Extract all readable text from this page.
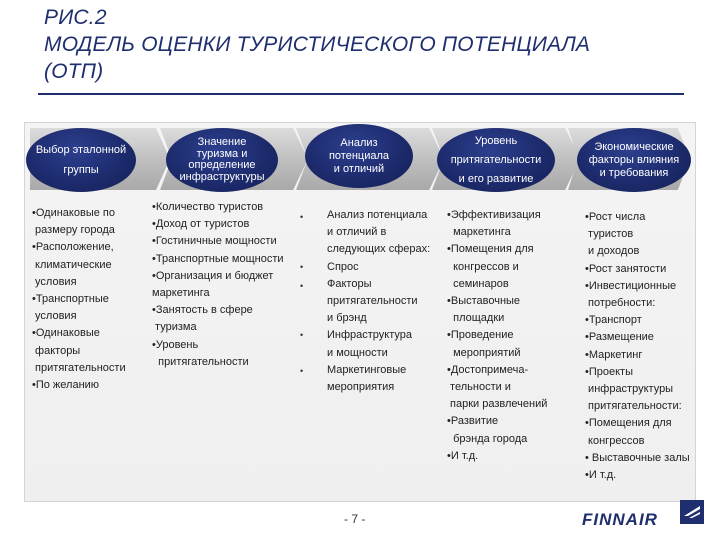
РИС.2
МОДЕЛЬ ОЦЕНКИ ТУРИСТИЧЕСКОГО ПОТЕНЦИАЛА
(ОТП)
Выбор эталонной
группы
Значение
туризма и
определение
инфраструктуры
Анализ
потенциала
и отличий
Уровень
притягательности
и его развитие
Экономические
факторы влияния
и требования
•Одинаковые по
размеру города
•Расположение,
климатические
условия
•Транспортные
условия
•Одинаковые
факторы
притягательности
•По желанию
•Количество туристов
•Доход от туристов
•Гостиничные мощности
•Транспортные мощности
•Организация и бюджет
маркетинга
•Занятость в сфере
туризма
•Уровень
притягательности
•
•
•
•
•
Анализ потенциала
и отличий в
следующих сферах:
Спрос
Факторы
притягательности
и брэнд
Инфраструктура
и мощности
Маркетинговые
мероприятия
•Эффективизация
маркетинга
•Помещения для
конгрессов и
семинаров
•Выставочные
площадки
•Проведение
мероприятий
•Достопримеча-
тельности и
парки развлечений
•Развитие
брэнда города
•И т.д.
•Рост числа
туристов
и доходов
•Рост занятости
•Инвестиционные
потребности:
•Транспорт
•Размещение
•Маркетинг
•Проекты
инфраструктуры
притягательности:
•Помещения для
конгрессов
• Выставочные залы
•И т.д.
- 7 -	FINNAIR
